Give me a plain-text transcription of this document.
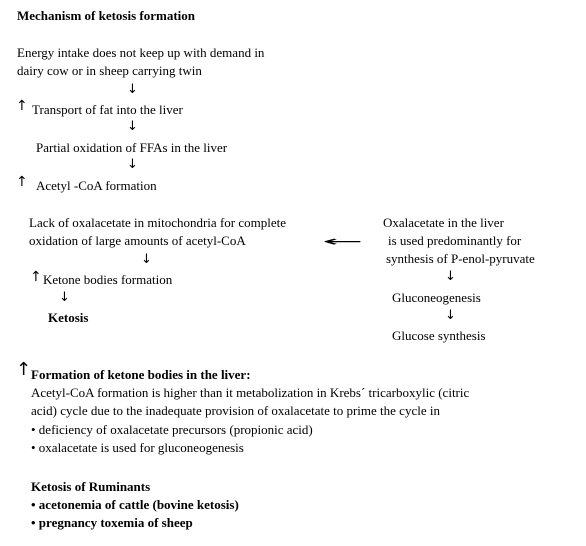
Mechanism of ketosis formation
Energy intake does not keep up with demand in
dairy cow or in sheep carrying twin
↓
↑ Transport of fat into the liver
↓
Partial oxidation of FFAs in the liver
↓
↑ Acetyl -CoA formation
Lack of oxalacetate in mitochondria for complete
oxidation of large amounts of acetyl-CoA	←
↓
Oxalacetate in the liver
is used predominantly for
synthesis of P-enol-pyruvate
↓
↑ Ketone bodies formation
↓
Ketosis
Gluconeogenesis
↓
Glucose synthesis
↑ Formation of ketone bodies in the liver:
Acetyl-CoA formation is higher than it metabolization in Krebs´ tricarboxylic (citric
acid) cycle due to the inadequate provision of oxalacetate to prime the cycle in
• deficiency of oxalacetate precursors (propionic acid)
• oxalacetate is used for gluconeogenesis
Ketosis of Ruminants
• acetonemia of cattle (bovine ketosis)
• pregnancy toxemia of sheep
